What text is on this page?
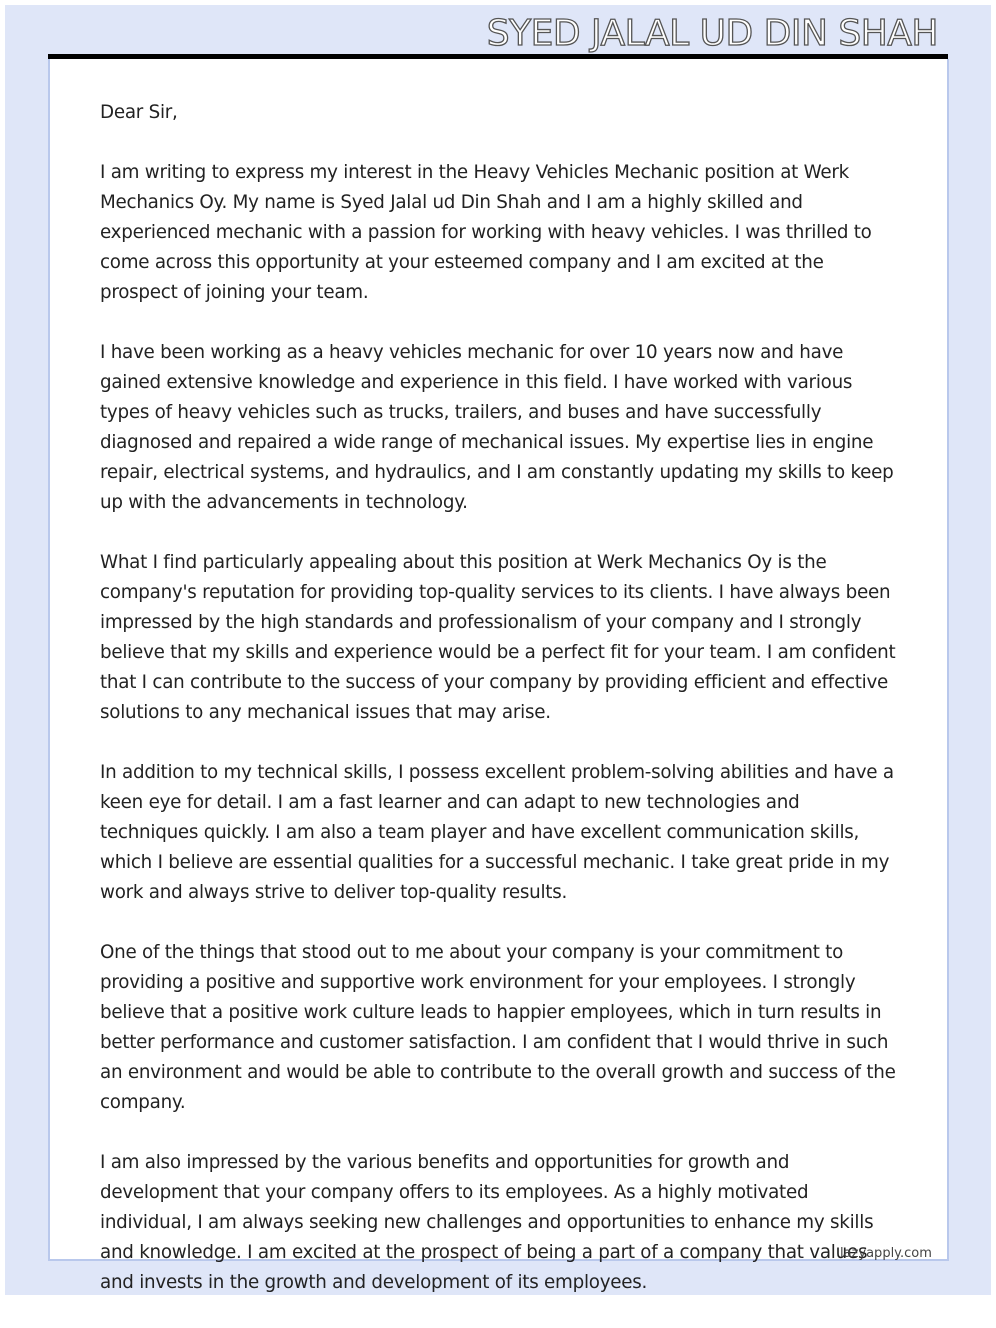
SYED JALAL UD DIN SHAH

Dear Sir,

I am writing to express my interest in the Heavy Vehicles Mechanic position at Werk Mechanics Oy. My name is Syed Jalal ud Din Shah and I am a highly skilled and experienced mechanic with a passion for working with heavy vehicles. I was thrilled to come across this opportunity at your esteemed company and I am excited at the prospect of joining your team.

I have been working as a heavy vehicles mechanic for over 10 years now and have gained extensive knowledge and experience in this field. I have worked with various types of heavy vehicles such as trucks, trailers, and buses and have successfully diagnosed and repaired a wide range of mechanical issues. My expertise lies in engine repair, electrical systems, and hydraulics, and I am constantly updating my skills to keep up with the advancements in technology.

What I find particularly appealing about this position at Werk Mechanics Oy is the company's reputation for providing top-quality services to its clients. I have always been impressed by the high standards and professionalism of your company and I strongly believe that my skills and experience would be a perfect fit for your team. I am confident that I can contribute to the success of your company by providing efficient and effective solutions to any mechanical issues that may arise.

In addition to my technical skills, I possess excellent problem-solving abilities and have a keen eye for detail. I am a fast learner and can adapt to new technologies and techniques quickly. I am also a team player and have excellent communication skills, which I believe are essential qualities for a successful mechanic. I take great pride in my work and always strive to deliver top-quality results.

One of the things that stood out to me about your company is your commitment to providing a positive and supportive work environment for your employees. I strongly believe that a positive work culture leads to happier employees, which in turn results in better performance and customer satisfaction. I am confident that I would thrive in such an environment and would be able to contribute to the overall growth and success of the company.

I am also impressed by the various benefits and opportunities for growth and development that your company offers to its employees. As a highly motivated individual, I am always seeking new challenges and opportunities to enhance my skills and knowledge. I am excited at the prospect of being a part of a company that values and invests in the growth and development of its employees.

lazyapply.com
